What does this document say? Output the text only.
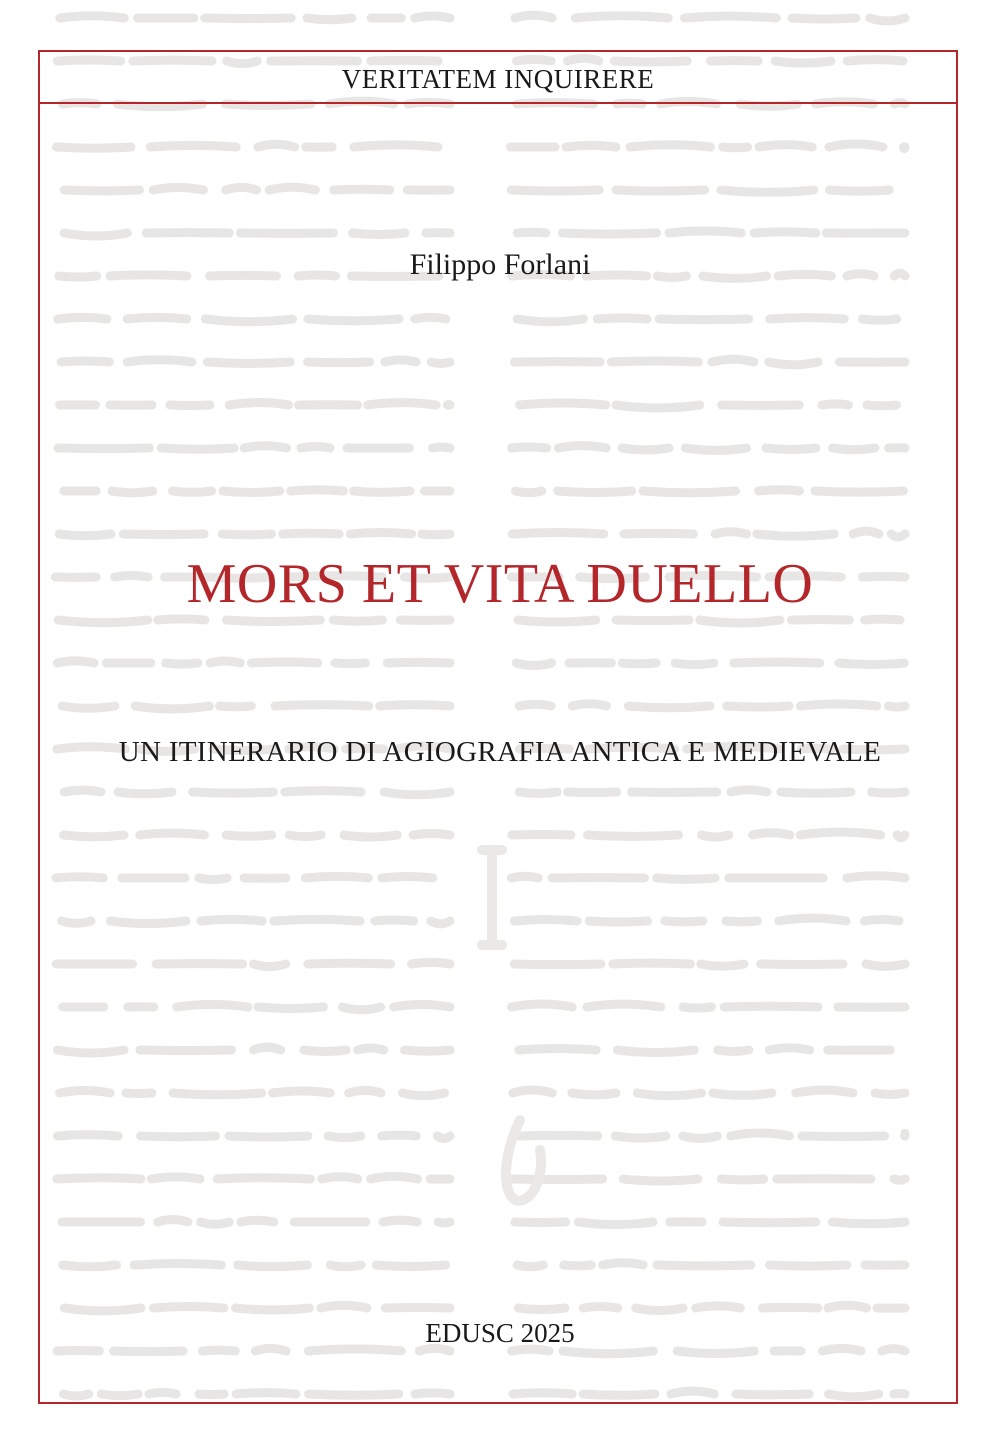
VERITATEM INQUIRERE
Filippo Forlani
MORS ET VITA DUELLO
UN ITINERARIO DI AGIOGRAFIA ANTICA E MEDIEVALE
EDUSC 2025
